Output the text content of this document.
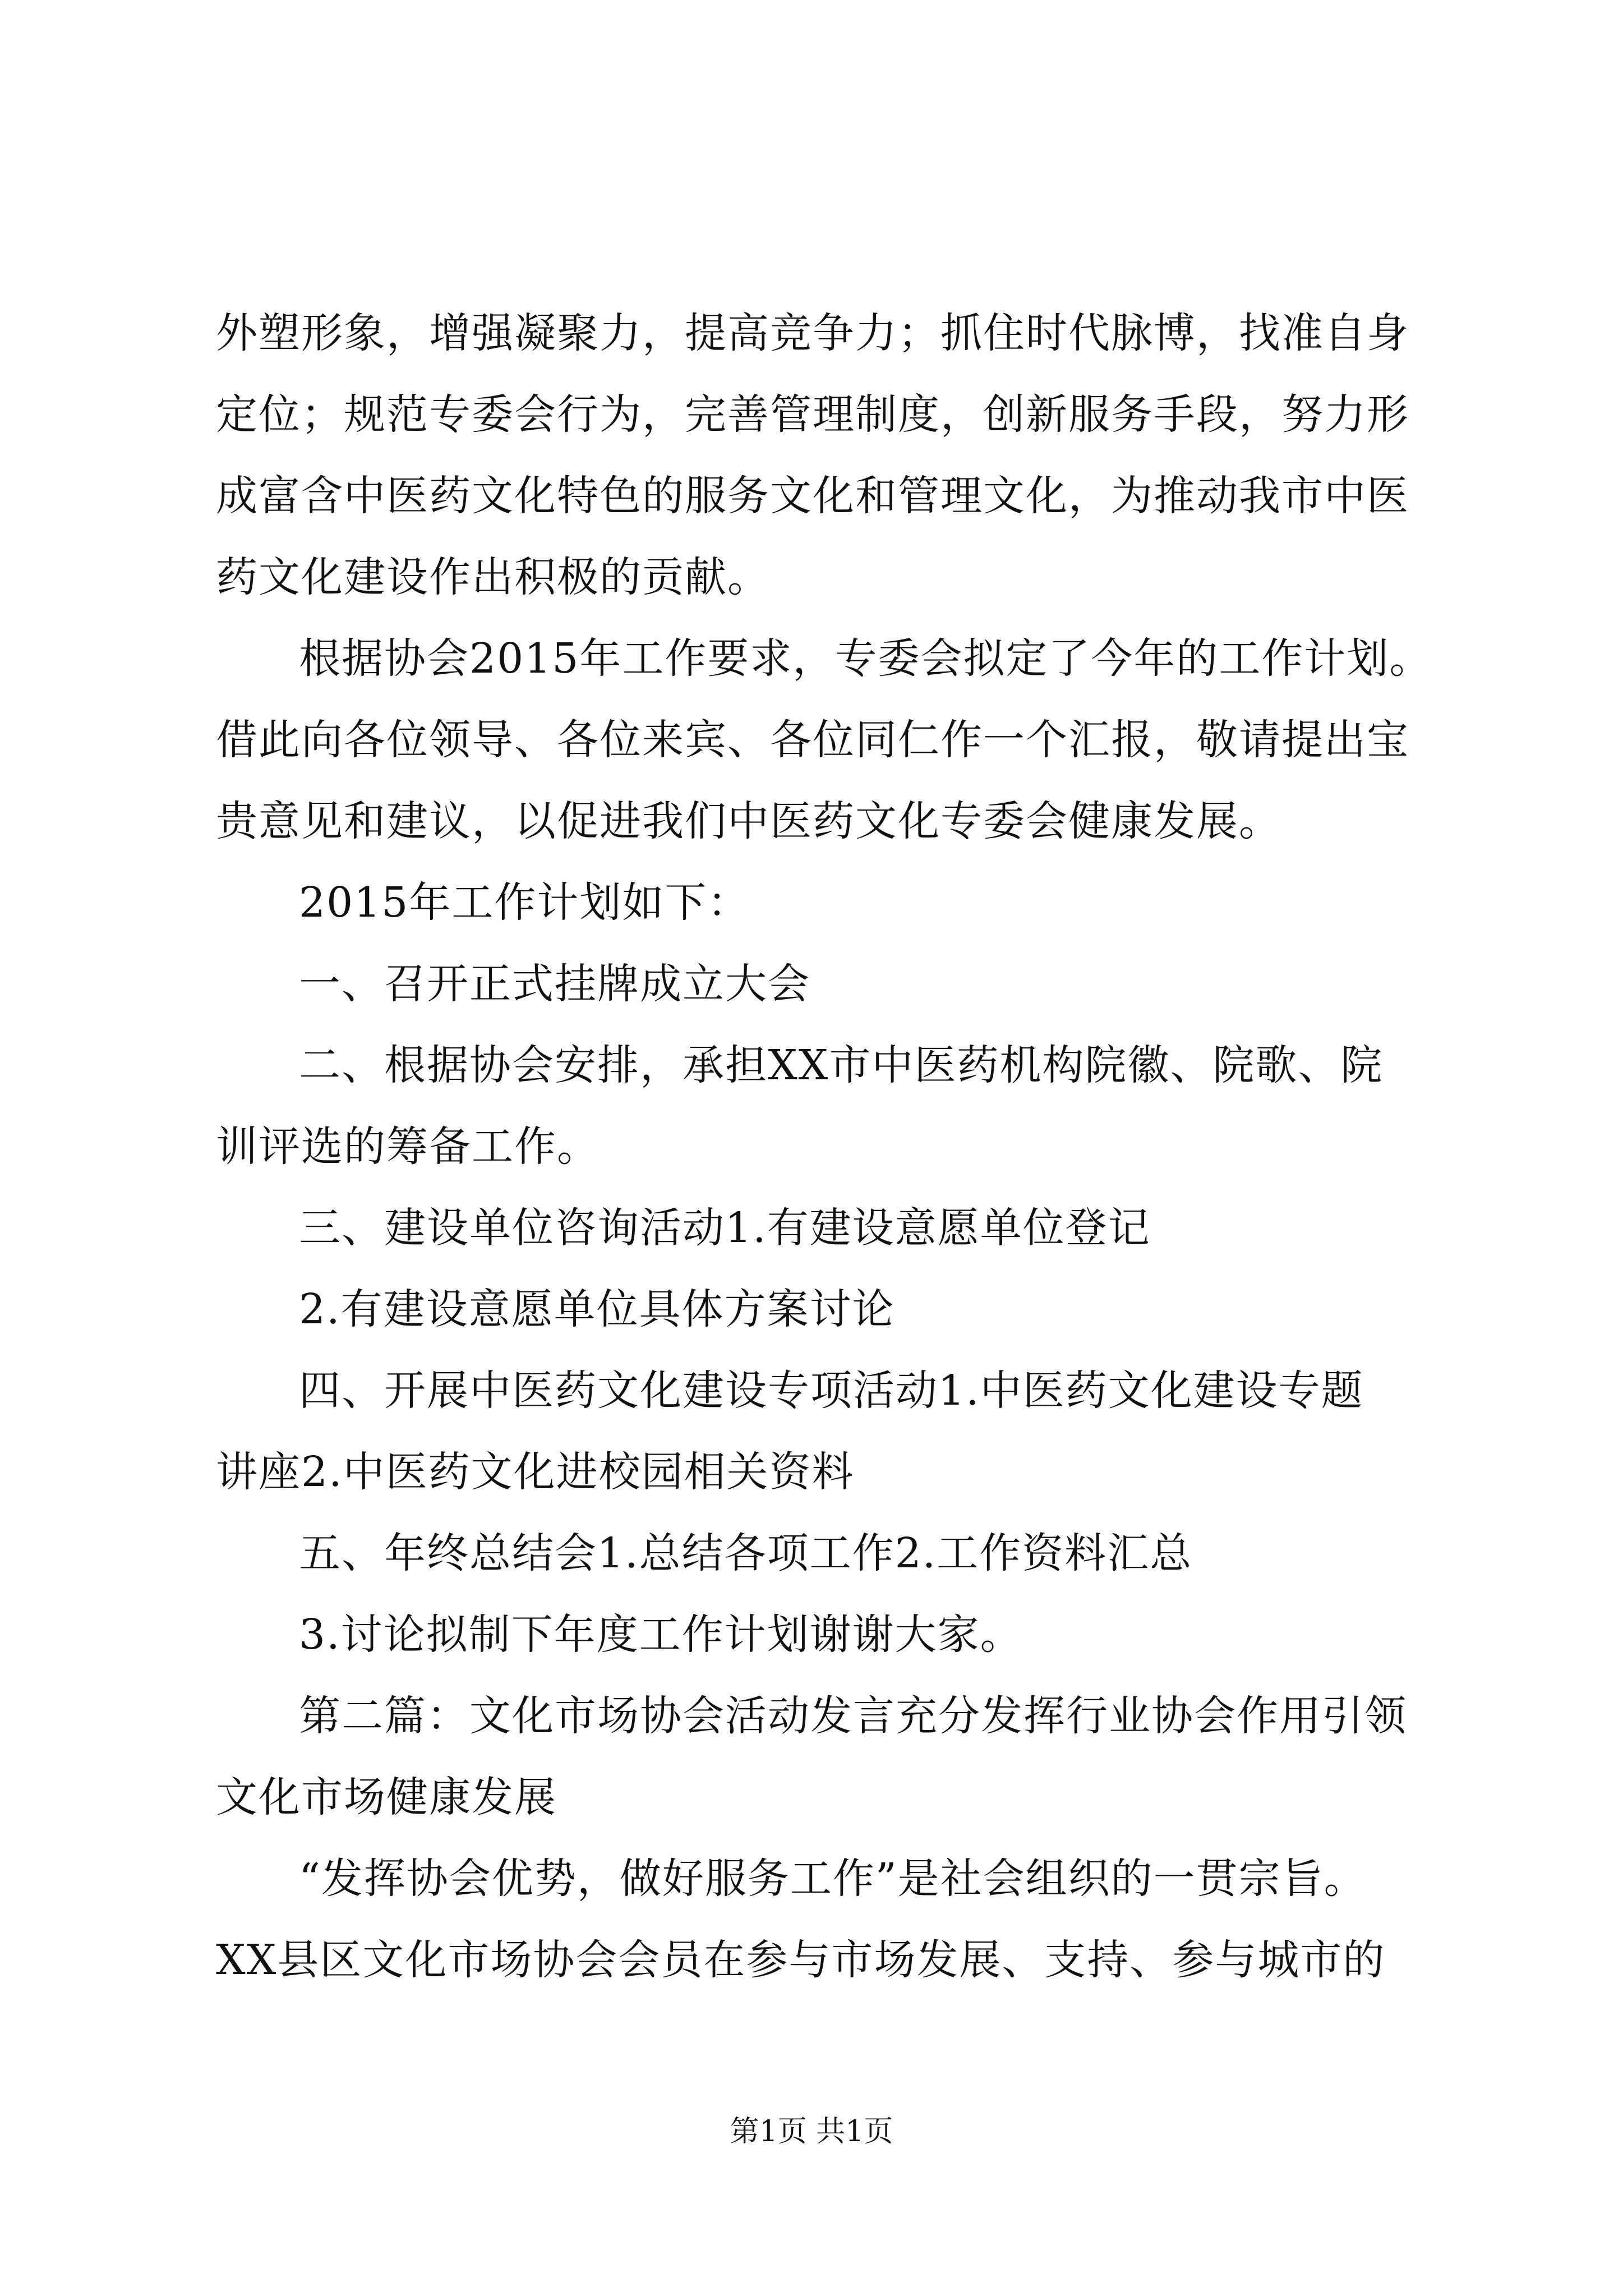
外塑形象，增强凝聚力，提高竞争力；抓住时代脉博，找准自身
定位；规范专委会行为，完善管理制度，创新服务手段，努力形
成富含中医药文化特色的服务文化和管理文化，为推动我市中医
药文化建设作出积极的贡献。
根据协会2015年工作要求，专委会拟定了今年的工作计划。
借此向各位领导、各位来宾、各位同仁作一个汇报，敬请提出宝
贵意见和建议，以促进我们中医药文化专委会健康发展。
2015年工作计划如下：
一、召开正式挂牌成立大会
二、根据协会安排，承担XX市中医药机构院徽、院歌、院
训评选的筹备工作。
三、建设单位咨询活动1.有建设意愿单位登记
2.有建设意愿单位具体方案讨论
四、开展中医药文化建设专项活动1.中医药文化建设专题
讲座2.中医药文化进校园相关资料
五、年终总结会1.总结各项工作2.工作资料汇总
3.讨论拟制下年度工作计划谢谢大家。
第二篇：文化市场协会活动发言充分发挥行业协会作用引领
文化市场健康发展
“发挥协会优势，做好服务工作”是社会组织的一贯宗旨。
XX县区文化市场协会会员在参与市场发展、支持、参与城市的
第1页 共1页
